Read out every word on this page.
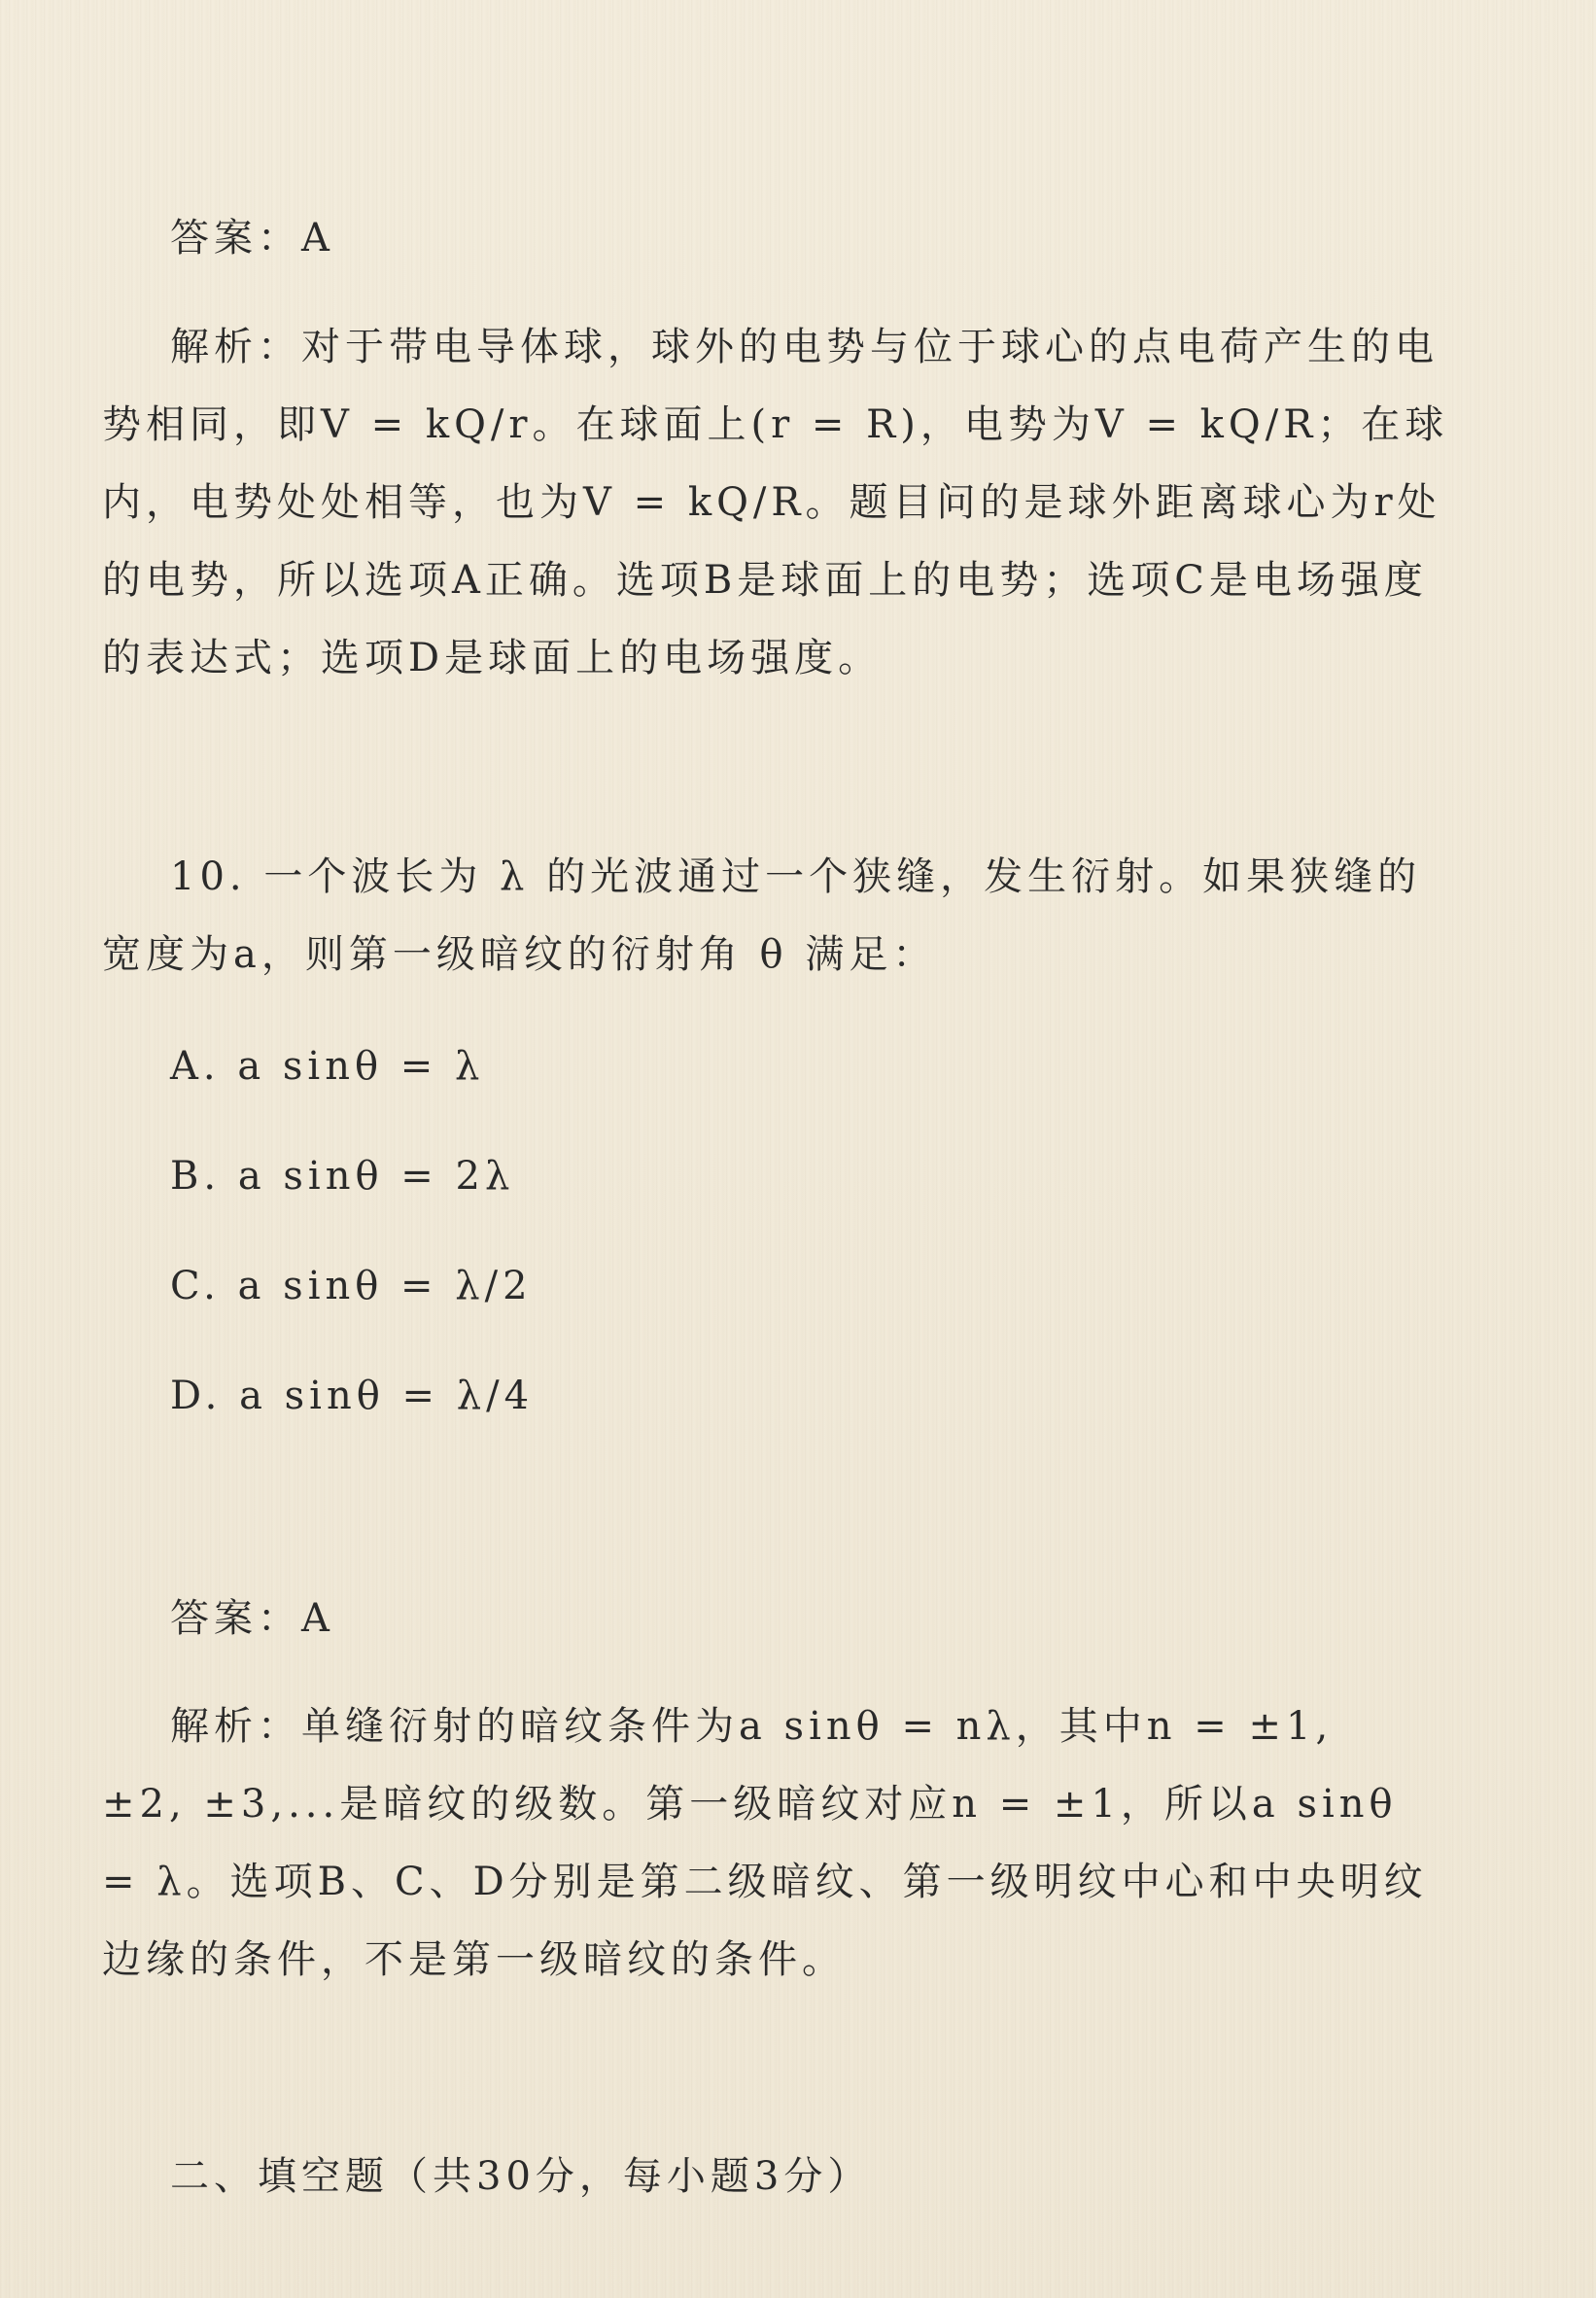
答案：A
解析：对于带电导体球，球外的电势与位于球心的点电荷产生的电
势相同，即V = kQ/r。在球面上(r = R)，电势为V = kQ/R；在球
内，电势处处相等，也为V = kQ/R。题目问的是球外距离球心为r处
的电势，所以选项A正确。选项B是球面上的电势；选项C是电场强度
的表达式；选项D是球面上的电场强度。
10. 一个波长为 λ 的光波通过一个狭缝，发生衍射。如果狭缝的
宽度为a，则第一级暗纹的衍射角 θ 满足：
A. a sinθ = λ
B. a sinθ = 2λ
C. a sinθ = λ/2
D. a sinθ = λ/4
答案：A
解析：单缝衍射的暗纹条件为a sinθ = nλ，其中n = ±1,
±2, ±3,...是暗纹的级数。第一级暗纹对应n = ±1，所以a sinθ
= λ。选项B、C、D分别是第二级暗纹、第一级明纹中心和中央明纹
边缘的条件，不是第一级暗纹的条件。
二、填空题（共30分，每小题3分）
